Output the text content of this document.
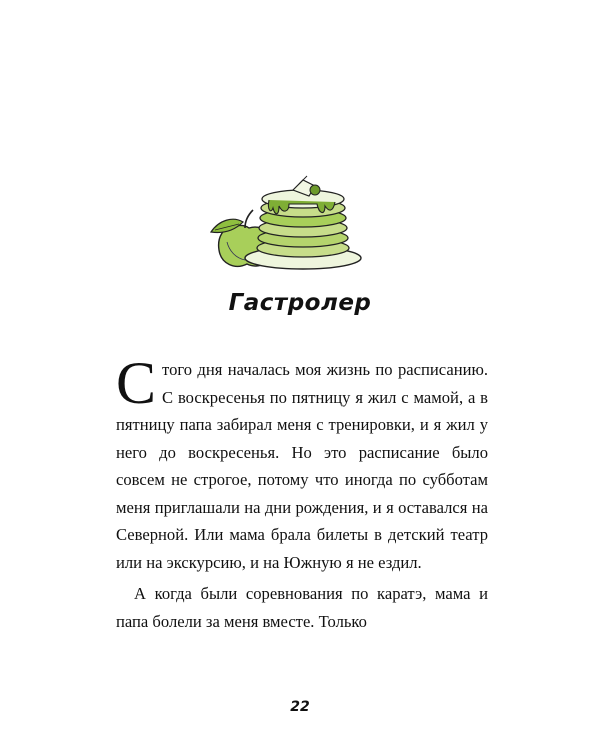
Гастролер
С того дня началась моя жизнь по расписанию. С воскресенья по пятницу я жил с мамой, а в пятницу папа забирал меня с тренировки, и я жил у него до воскресенья. Но это расписание было совсем не строгое, потому что иногда по субботам меня приглашали на дни рождения, и я оставался на Северной. Или мама брала билеты в детский театр или на экскурсию, и на Южную я не ездил.
А когда были соревнования по каратэ, мама и папа болели за меня вместе. Только
22
